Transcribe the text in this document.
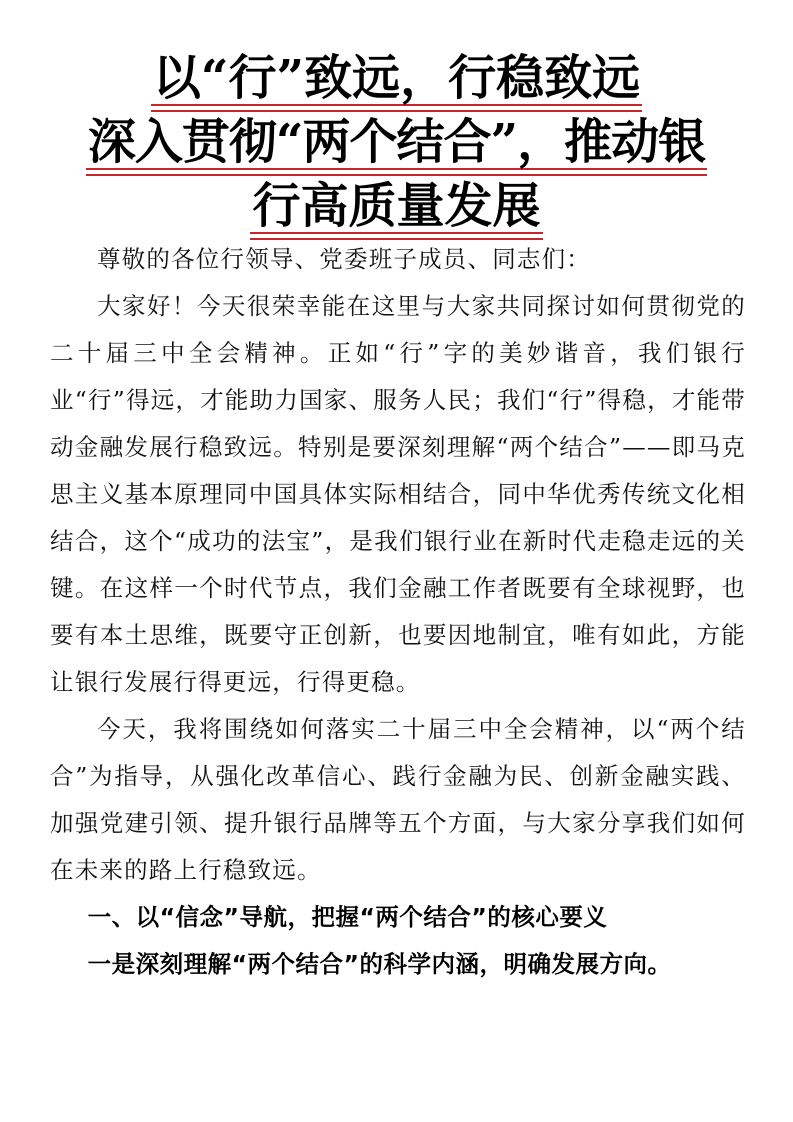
以“行”致远，行稳致远
深入贯彻“两个结合”，推动银
行高质量发展

尊敬的各位行领导、党委班子成员、同志们：

大家好！今天很荣幸能在这里与大家共同探讨如何贯彻党的二十届三中全会精神。正如“行”字的美妙谐音，我们银行业“行”得远，才能助力国家、服务人民；我们“行”得稳，才能带动金融发展行稳致远。特别是要深刻理解“两个结合”——即马克思主义基本原理同中国具体实际相结合，同中华优秀传统文化相结合，这个“成功的法宝”，是我们银行业在新时代走稳走远的关键。在这样一个时代节点，我们金融工作者既要有全球视野，也要有本土思维，既要守正创新，也要因地制宜，唯有如此，方能让银行发展行得更远，行得更稳。

今天，我将围绕如何落实二十届三中全会精神，以“两个结合”为指导，从强化改革信心、践行金融为民、创新金融实践、加强党建引领、提升银行品牌等五个方面，与大家分享我们如何在未来的路上行稳致远。

一、以“信念”导航，把握“两个结合”的核心要义

一是深刻理解“两个结合”的科学内涵，明确发展方向。
